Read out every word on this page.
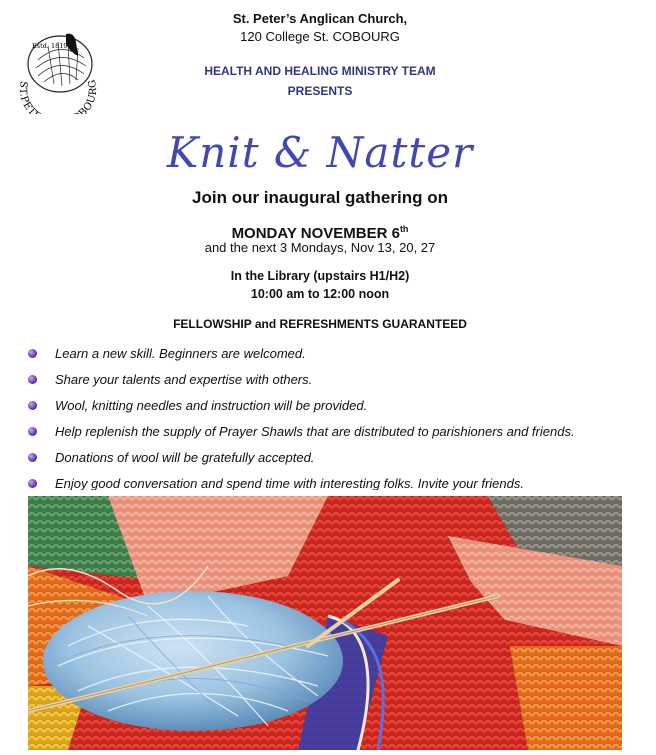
Estd. 1819
ST.PET BOURG
St. Peter’s Anglican Church,
120 College St. COBOURG
HEALTH AND HEALING MINISTRY TEAM
PRESENTS
Knit & Natter
Join our inaugural gathering on
MONDAY NOVEMBER 6th
and the next 3 Mondays, Nov 13, 20, 27
In the Library (upstairs H1/H2)
10:00 am to 12:00 noon
FELLOWSHIP and REFRESHMENTS GUARANTEED
Learn a new skill. Beginners are welcomed.
Share your talents and expertise with others.
Wool, knitting needles and instruction will be provided.
Help replenish the supply of Prayer Shawls that are distributed to parishioners and friends.
Donations of wool will be gratefully accepted.
Enjoy good conversation and spend time with interesting folks. Invite your friends.
